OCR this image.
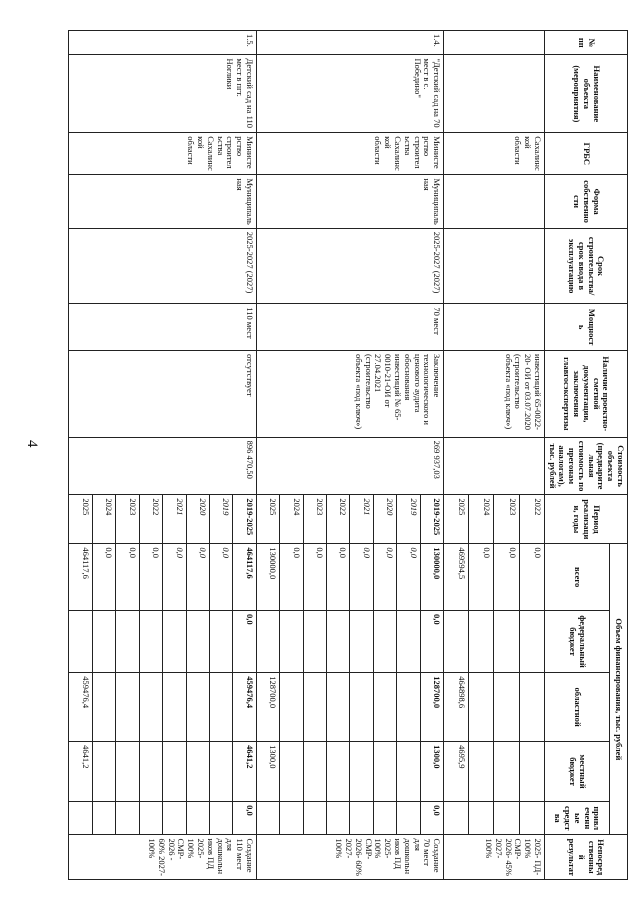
4
№ пп	Наименование объекта (мероприятия)	ГРБС	Форма собственности	Срок строительства/ срок ввода в эксплуатацию	Мощность	Наличие проектно-сметной документации, заключения главгосэкспертизы	Стоимость объекта (предварительная стоимость по прегонам аналогам), тыс. рублей	Период реализации, годы	Объем финансирования, тыс. рублей					Непосредственный результат
									всего	федеральный бюджет	областной	местный бюджет	привлеченные средства	
		Сахалинской области				инвестиций 65-0022-20- ОИ от 03.07.2020 (строительство объекта «под ключ»)		2022	0,0					2025- ПД- 100% СМР- 2026- 45% 2027- 100%
								2023	0,0					
								2024	0,0					
								2025	469594,5		464898,6	4695,9		
1.4.	"Детский сад на 70 мест в с. Победино"	Министерство строительства Сахалинской области	Муниципальная	2025-2027 (2027)	70 мест	Заключение технологического и ценового аудита обоснования инвестиций № 65-0010-21-ОИ от 27.04.2021 (строительство объекта «под ключ»)	269 937,03	2019-2025	130000,0	0,0	128700,0	1300,0	0,0	Создание 70 мест для дошкольников ПД 2025- 100% СМР- 2026- 60% 2027- 100%
								2019	0,0					
								2020	0,0					
								2021	0,0					
								2022	0,0					
								2023	0,0					
								2024	0,0					
								2025	130000,0		128700,0	1300,0		
1.5.	Детский сад на 110 мест в пгт. Ноглики	Министерство строительства Сахалинской области	Муниципальная	2025-2027 (2027)	110 мест	отсутствует	896 470,50	2019-2025	464117,6	0,0	459476,4	4641,2	0,0	Создание 110 мест для дошкольников ПД 2025- 100% СМР- 2026 - 60% 2027- 100%
								2019	0,0					
								2020	0,0					
								2021	0,0					
								2022	0,0					
								2023	0,0					
								2024	0,0					
								2025	464117,6		459476,4	4641,2		
